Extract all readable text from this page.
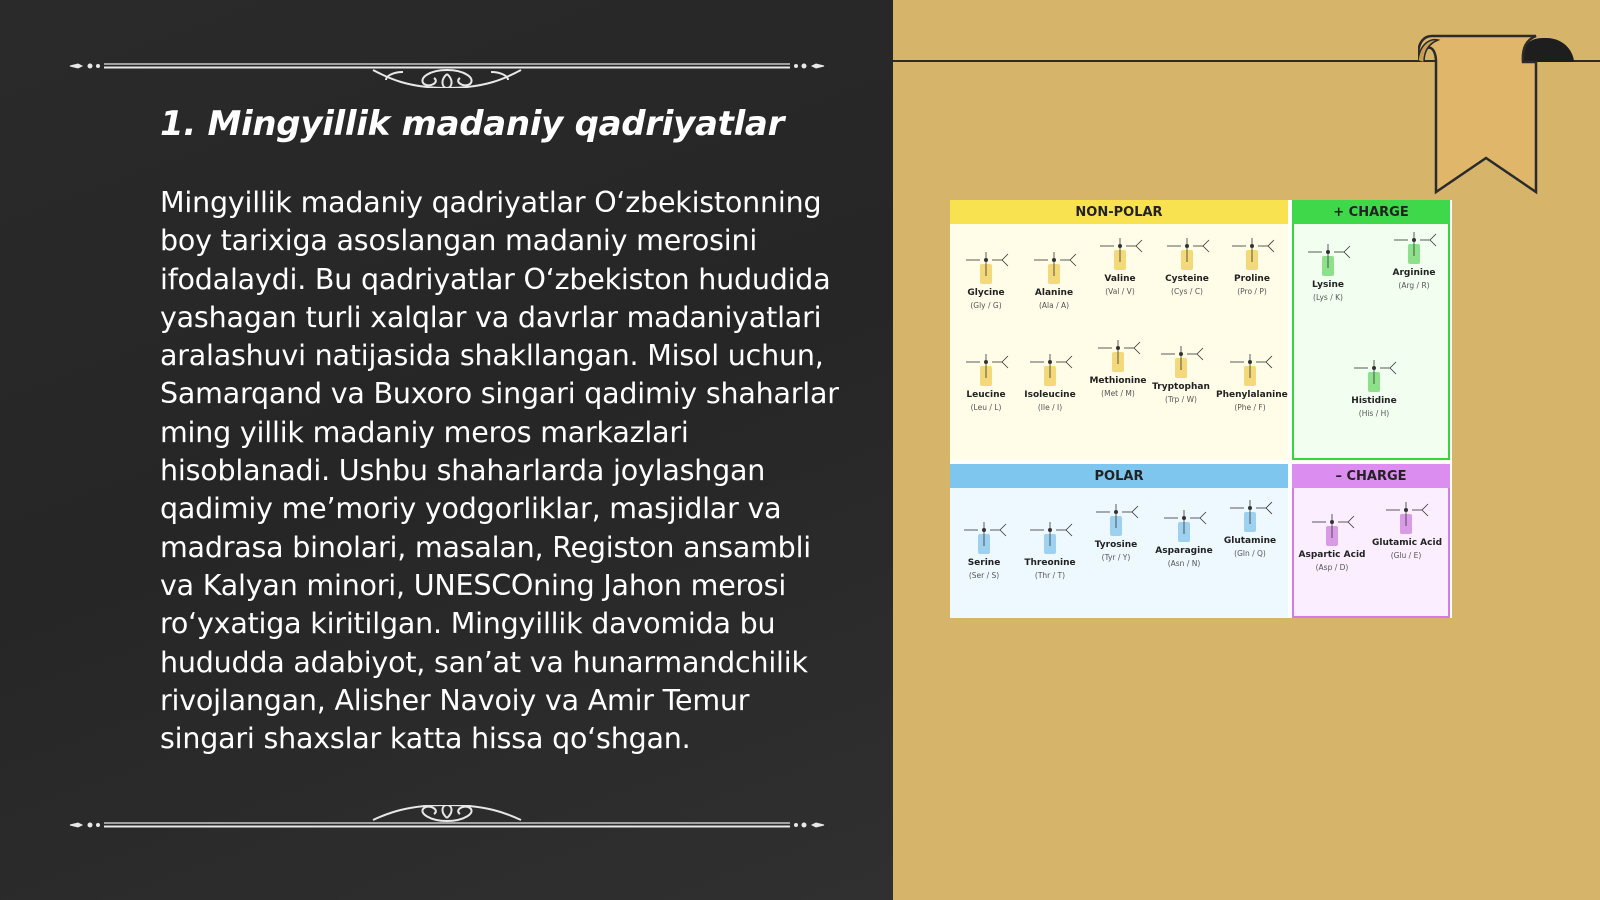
1. Mingyillik madaniy qadriyatlar

Mingyillik madaniy qadriyatlar O‘zbekistonning boy tarixiga asoslangan madaniy merosini ifodalaydi. Bu qadriyatlar O‘zbekiston hududida yashagan turli xalqlar va davrlar madaniyatlari aralashuvi natijasida shakllangan. Misol uchun, Samarqand va Buxoro singari qadimiy shaharlar ming yillik madaniy meros markazlari hisoblanadi. Ushbu shaharlarda joylashgan qadimiy me’moriy yodgorliklar, masjidlar va madrasa binolari, masalan, Registon ansambli va Kalyan minori, UNESCOning Jahon merosi ro‘yxatiga kiritilgan. Mingyillik davomida bu hududda adabiyot, san’at va hunarmandchilik rivojlangan, Alisher Navoiy va Amir Temur singari shaxslar katta hissa qo‘shgan.

NON-POLAR
Glycine
(Gly / G)
Alanine
(Ala / A)
Valine
(Val / V)
Cysteine
(Cys / C)
Proline
(Pro / P)
Leucine
(Leu / L)
Isoleucine
(Ile / I)
Methionine
(Met / M)
Tryptophan
(Trp / W)	Phenylalanine
(Phe / F)
+ CHARGE
Lysine
(Lys / K)
Arginine
(Arg / R)
Histidine
(His / H)
POLAR
Serine
(Ser / S)
Threonine
(Thr / T)
Tyrosine
(Tyr / Y)
Asparagine
(Asn / N)
Glutamine
(Gln / Q)
– CHARGE
Aspartic Acid
(Asp / D)
Glutamic Acid
(Glu / E)
